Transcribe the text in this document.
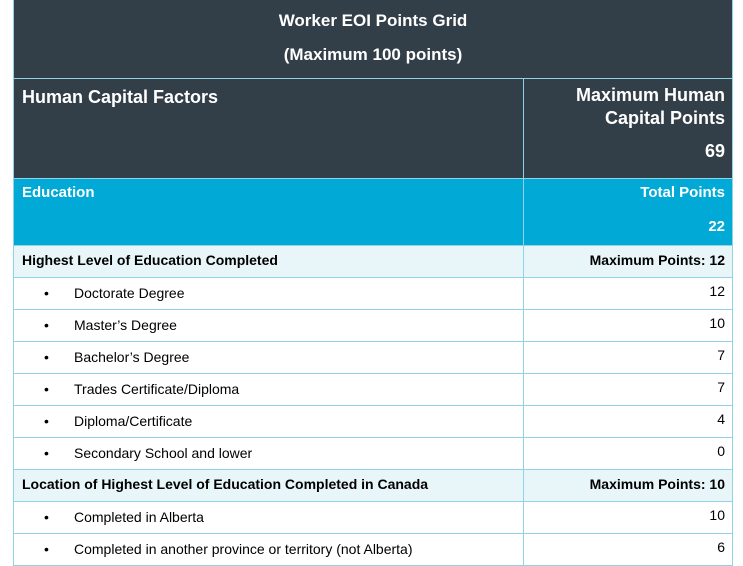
Worker EOI Points Grid
(Maximum 100 points)
Human Capital Factors	Maximum Human
Capital Points
69
Education	Total Points
22
Highest Level of Education Completed	Maximum Points: 12
• Doctorate Degree	12
• Master’s Degree	10
• Bachelor’s Degree	7
• Trades Certificate/Diploma	7
• Diploma/Certificate	4
• Secondary School and lower	0
Location of Highest Level of Education Completed in Canada	Maximum Points: 10
• Completed in Alberta	10
• Completed in another province or territory (not Alberta)	6
